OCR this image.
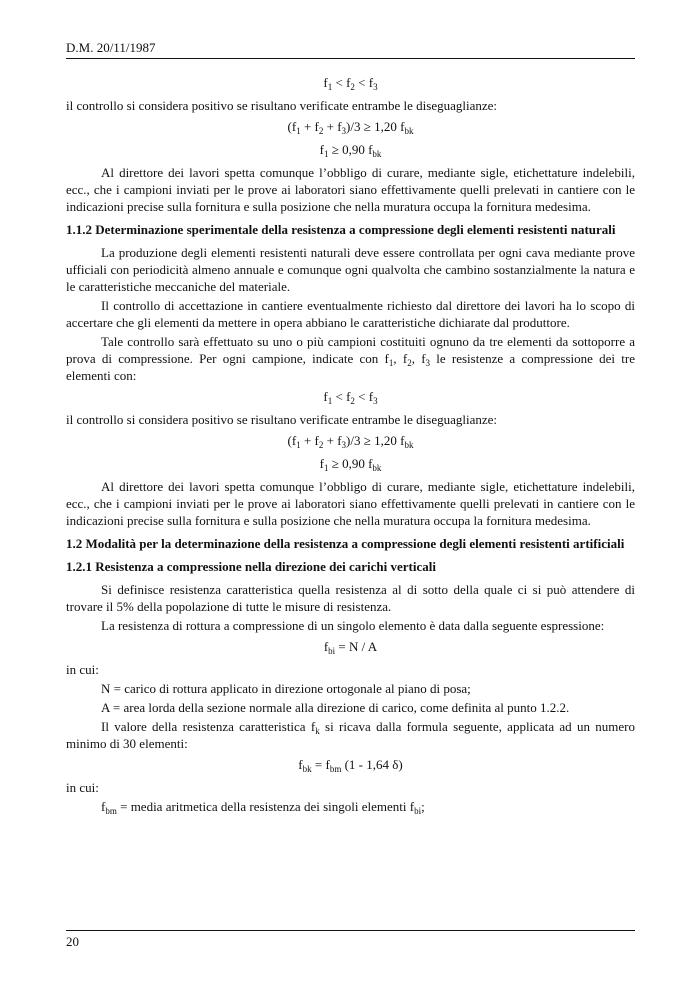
D.M. 20/11/1987

$f_1 < f_2 < f_3$

il controllo si considera positivo se risultano verificate entrambe le diseguaglianze:

$(f_1 + f_2 + f_3)/3 \ge 1,20$ $f_{bk}$

$f_1 \ge 0,90$ $f_{bk}$

Al direttore dei lavori spetta comunque l’obbligo di curare, mediante sigle, etichettature indelebili, ecc., che i campioni inviati per le prove ai laboratori siano effettivamente quelli prelevati in cantiere con le indicazioni precise sulla fornitura e sulla posizione che nella muratura occupa la fornitura medesima.

1.1.2 Determinazione sperimentale della resistenza a compressione degli elementi resistenti naturali

La produzione degli elementi resistenti naturali deve essere controllata per ogni cava mediante prove ufficiali con periodicità almeno annuale e comunque ogni qualvolta che cambino sostanzialmente la natura e le caratteristiche meccaniche del materiale.

Il controllo di accettazione in cantiere eventualmente richiesto dal direttore dei lavori ha lo scopo di accertare che gli elementi da mettere in opera abbiano le caratteristiche dichiarate dal produttore.

Tale controllo sarà effettuato su uno o più campioni costituiti ognuno da tre elementi da sottoporre a prova di compressione. Per ogni campione, indicate con $f_1$, $f_2$, $f_3$ le resistenze a compressione dei tre elementi con:

$f_1 < f_2 < f_3$

il controllo si considera positivo se risultano verificate entrambe le diseguaglianze:

$(f_1 + f_2 + f_3)/3 \ge 1,20$ $f_{bk}$

$f_1 \ge 0,90$ $f_{bk}$

Al direttore dei lavori spetta comunque l’obbligo di curare, mediante sigle, etichettature indelebili, ecc., che i campioni inviati per le prove ai laboratori siano effettivamente quelli prelevati in cantiere con le indicazioni precise sulla fornitura e sulla posizione che nella muratura occupa la fornitura medesima.

1.2 Modalità per la determinazione della resistenza a compressione degli elementi resistenti artificiali

1.2.1 Resistenza a compressione nella direzione dei carichi verticali

Si definisce resistenza caratteristica quella resistenza al di sotto della quale ci si può attendere di trovare il 5% della popolazione di tutte le misure di resistenza.

La resistenza di rottura a compressione di un singolo elemento è data dalla seguente espressione:

$f_{bi} = N / A$

in cui:

N = carico di rottura applicato in direzione ortogonale al piano di posa;

A = area lorda della sezione normale alla direzione di carico, come definita al punto 1.2.2.

Il valore della resistenza caratteristica $f_k$ si ricava dalla formula seguente, applicata ad un numero minimo di 30 elementi:

$f_{bk} = f_{bm}$ (1 - 1,64 δ)

in cui:

$f_{bm}$ = media aritmetica della resistenza dei singoli elementi $f_{bi}$;

20
